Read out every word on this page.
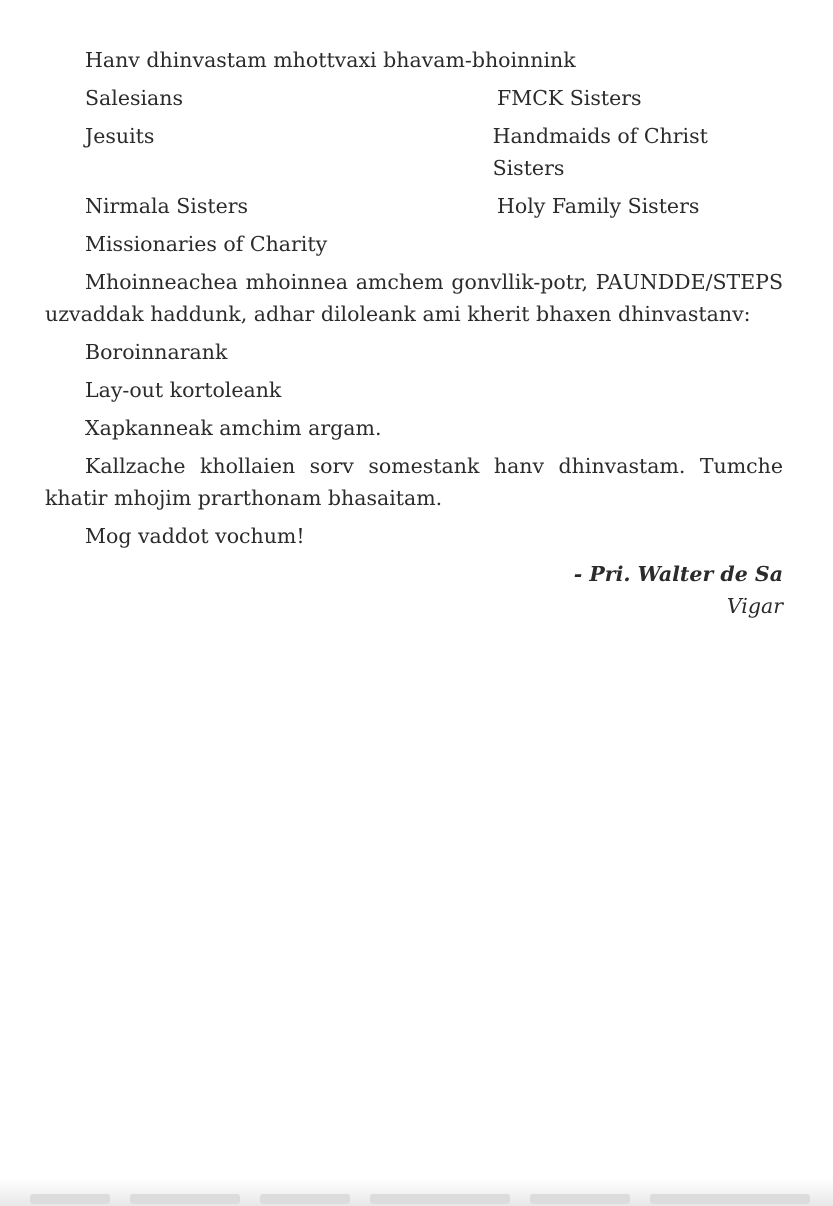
Hanv dhinvastam mhottvaxi bhavam-bhoinnink

Salesians	FMCK Sisters
Jesuits	Handmaids of Christ Sisters
Nirmala Sisters	Holy Family Sisters

Missionaries of Charity

Mhoinneachea mhoinnea amchem gonvllik-potr, PAUNDDE/STEPS uzvaddak haddunk, adhar diloleank ami kherit bhaxen dhinvastanv:

Boroinnarank

Lay-out kortoleank

Xapkanneak amchim argam.

Kallzache khollaien sorv somestank hanv dhinvastam. Tumche khatir mhojim prarthonam bhasaitam.

Mog vaddot vochum!

- Pri. Walter de Sa

Vigar
